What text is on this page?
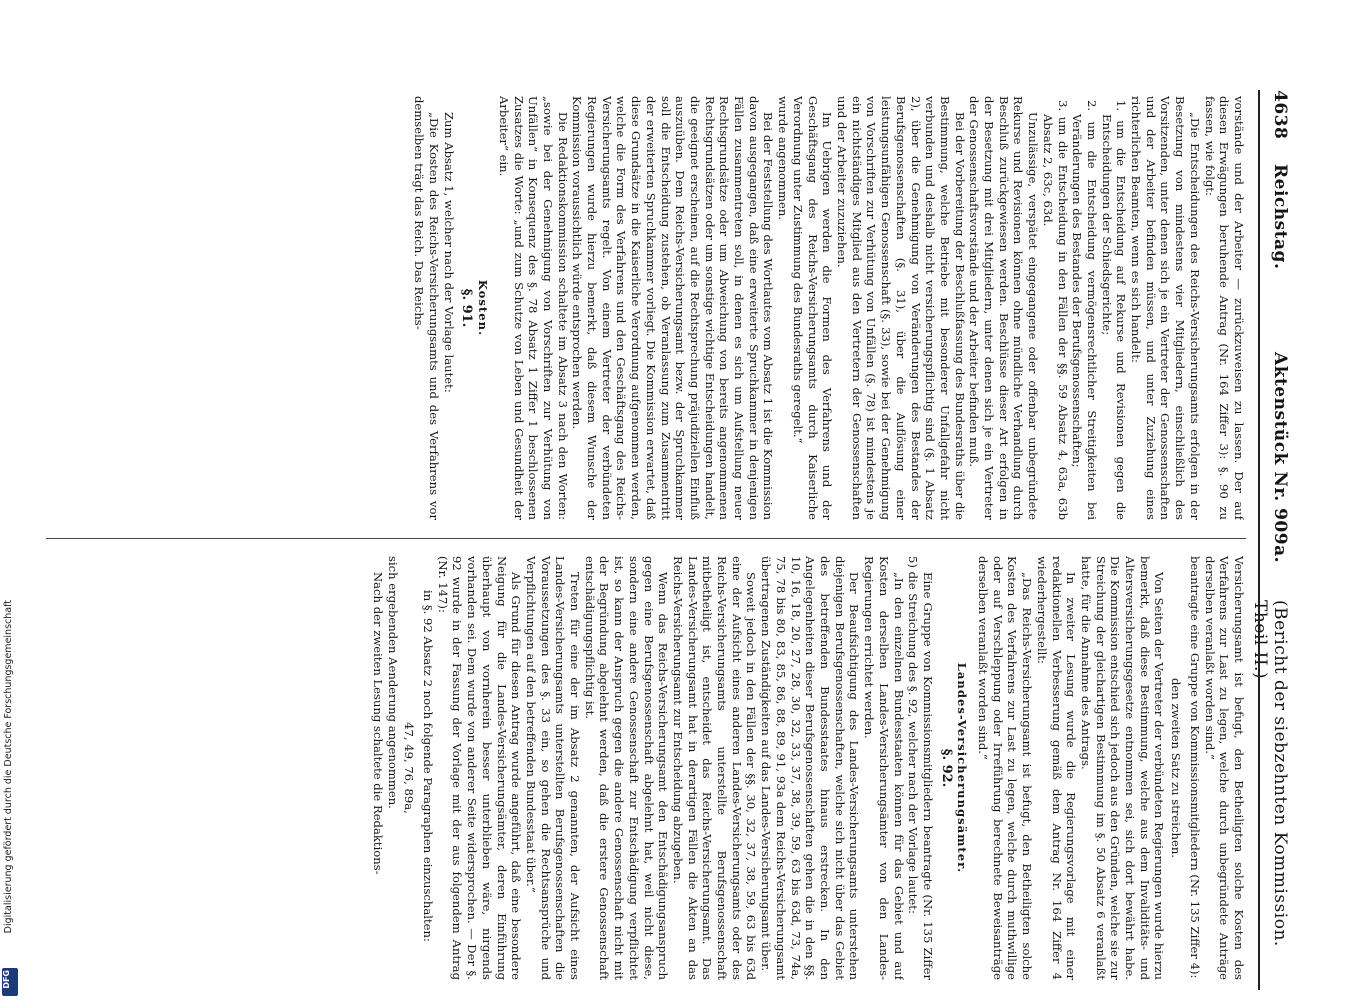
Digitalisierung gefördert durch die Deutsche Forschungsgemeinschaft
DFG
4638
Reichstag.
Aktenstück Nr. 909a.
(Bericht der siebzehnten Kommission. Theil II.)

vorstände und der Arbeiter — zurückzuweisen zu lassen. Der auf diesen Erwägungen beruhende Antrag (Nr. 164 Ziffer 3): §. 90 zu fassen, wie folgt:

„Die Entscheidungen des Reichs-Versicherungsamts erfolgen in der Besetzung von mindestens vier Mitgliedern, einschließlich des Vorsitzenden, unter denen sich je ein Vertreter der Genossenschaften und der Arbeiter befinden müssen, und unter Zuziehung eines richterlichen Beamten, wenn es sich handelt:

1. um die Entscheidung auf Rekurse und Revisionen gegen die Entscheidungen der Schiedsgerichte;

2. um die Entscheidung vermögensrechtlicher Streitigkeiten bei Veränderungen des Bestandes der Berufsgenossenschaften;

3. um die Entscheidung in den Fällen der §§. 59 Absatz 4, 63a, 63b Absatz 2, 63c, 63d.

Unzulässige, verspätet eingegangene oder offenbar unbegründete Rekurse und Revisionen können ohne mündliche Verhandlung durch Beschluß zurückgewiesen werden. Beschlüsse dieser Art erfolgen in der Besetzung mit drei Mitgliedern, unter denen sich je ein Vertreter der Genossenschaftsvorstände und der Arbeiter befinden muß.

Bei der Vorbereitung der Beschlußfassung des Bundesraths über die Bestimmung, welche Betriebe mit besonderer Unfallgefahr nicht verbunden und deshalb nicht versicherungspflichtig sind (§. 1 Absatz 2), über die Genehmigung von Veränderungen des Bestandes der Berufsgenossenschaften (§. 31), über die Auflösung einer leistungsunfähigen Genossenschaft (§. 33), sowie bei der Genehmigung von Vorschriften zur Verhütung von Unfällen (§. 78) ist mindestens je ein nichtständiges Mitglied aus den Vertretern der Genossenschaften und der Arbeiter zuzuziehen.

Im Uebrigen werden die Formen des Verfahrens und der Geschäftsgang des Reichs-Versicherungsamts durch Kaiserliche Verordnung unter Zustimmung des Bundesraths geregelt.“

wurde angenommen.

Bei der Feststellung des Wortlautes vom Absatz 1 ist die Kommission davon ausgegangen, daß eine erweiterte Spruchkammer in denjenigen Fällen zusammentreten soll, in denen es sich um Aufstellung neuer Rechtsgrundsätze oder um Abweichung von bereits angenommenen Rechtsgrundsätzen oder um sonstige wichtige Entscheidungen handelt, die geeignet erscheinen, auf die Rechtsprechung präjudiziellen Einfluß auszuüben. Dem Reichs-Versicherungsamt bezw. der Spruchkammer soll die Entscheidung zustehen, ob Veranlassung zum Zusammentritt der erweiterten Spruchkammer vorliegt. Die Kommission erwartet, daß diese Grundsätze in die Kaiserliche Verordnung aufgenommen werden, welche die Form des Verfahrens und den Geschäftsgang des Reichs-Versicherungsamts regelt. Von einem Vertreter der verbündeten Regierungen wurde hierzu bemerkt, daß diesem Wunsche der Kommission voraussichtlich würde entsprochen werden.

Die Redaktionskommission schaltete im Absatz 3 nach den Worten: „sowie bei der Genehmigung von Vorschriften zur Verhütung von Unfällen“ in Konsequenz des §. 78 Absatz 1 Ziffer 1 beschlossenen Zusatzes die Worte: „und zum Schutze von Leben und Gesundheit der Arbeiter“ ein.

Kosten.

§. 91.

Zum Absatz 1, welcher nach der Vorlage lautet:

„Die Kosten des Reichs-Versicherungsamts und des Verfahrens vor demselben trägt das Reich. Das Reichs-

Versicherungsamt ist befugt, den Betheiligten solche Kosten des Verfahrens zur Last zu legen, welche durch unbegründete Anträge derselben veranlaßt worden sind.“

beantragte eine Gruppe von Kommissionsmitgliedern (Nr. 135 Ziffer 4):

den zweiten Satz zu streichen.

Von Seiten der Vertreter der verbündeten Regierungen wurde hierzu bemerkt, daß diese Bestimmung, welche aus dem Invaliditäts- und Altersversicherungsgesetze entnommen sei, sich dort bewährt habe. Die Kommission entschied sich jedoch aus den Gründen, welche sie zur Streichung der gleichartigen Bestimmung im §. 50 Absatz 6 veranlaßt hatte, für die Annahme des Antrags.

In zweiter Lesung wurde die Regierungsvorlage mit einer redaktionellen Verbesserung gemäß dem Antrag Nr. 164 Ziffer 4 wiederhergestellt:

„Das Reichs-Versicherungsamt ist befugt, den Betheiligten solche Kosten des Verfahrens zur Last zu legen, welche durch muthwillige oder auf Verschleppung oder Irreführung berechnete Beweisanträge derselben veranlaßt worden sind.“

Landes-Versicherungsämter.

§. 92.

Eine Gruppe von Kommissionsmitgliedern beantragte (Nr. 135 Ziffer 5) die Streichung des §. 92, welcher nach der Vorlage lautet:

„In den einzelnen Bundesstaaten können für das Gebiet und auf Kosten derselben Landes-Versicherungsämter von den Landes-Regierungen errichtet werden.

Der Beaufsichtigung des Landes-Versicherungsamts unterstehen diejenigen Berufsgenossenschaften, welche sich nicht über das Gebiet des betreffenden Bundesstaates hinaus erstrecken. In den Angelegenheiten dieser Berufsgenossenschaften gehen die in den §§. 10, 16, 18, 20, 27, 28, 30, 32, 33, 37, 38, 39, 59, 63 bis 63d, 73, 74a, 75, 78 bis 80, 83, 85, 86, 88, 89, 91, 93a dem Reichs-Versicherungsamt übertragenen Zuständigkeiten auf das Landes-Versicherungsamt über.

Soweit jedoch in den Fällen der §§. 30, 32, 37, 38, 59, 63 bis 63d eine der Aufsicht eines anderen Landes-Versicherungsamts oder des Reichs-Versicherungsamts unterstellte Berufsgenossenschaft mitbetheiligt ist, entscheidet das Reichs-Versicherungsamt. Das Landes-Versicherungsamt hat in derartigen Fällen die Akten an das Reichs-Versicherungsamt zur Entscheidung abzugeben.

Wenn das Reichs-Versicherungsamt den Entschädigungsanspruch gegen eine Berufsgenossenschaft abgelehnt hat, weil nicht diese, sondern eine andere Genossenschaft zur Entschädigung verpflichtet ist, so kann der Anspruch gegen die andere Genossenschaft nicht mit der Begründung abgelehnt werden, daß die erstere Genossenschaft entschädigungspflichtig ist.

Treten für eine der im Absatz 2 genannten, der Aufsicht eines Landes-Versicherungsamts unterstellten Berufsgenossenschaften die Voraussetzungen des §. 33 ein, so gehen die Rechtsansprüche und Verpflichtungen auf den betreffenden Bundesstaat über.“

Als Grund für diesen Antrag wurde angeführt, daß eine besondere Neigung für die Landes-Versicherungsämter, deren Einführung überhaupt von vornherein besser unterblieben wäre, nirgends vorhanden sei. Dem wurde von anderer Seite widersprochen. — Der §. 92 wurde in der Fassung der Vorlage mit der aus folgendem Antrag (Nr. 147):

in §. 92 Absatz 2 noch folgende Paragraphen einzuschalten:

47, 49, 76, 89a,

sich ergebenden Aenderung angenommen.

Nach der zweiten Lesung schaltete die Redaktions-
